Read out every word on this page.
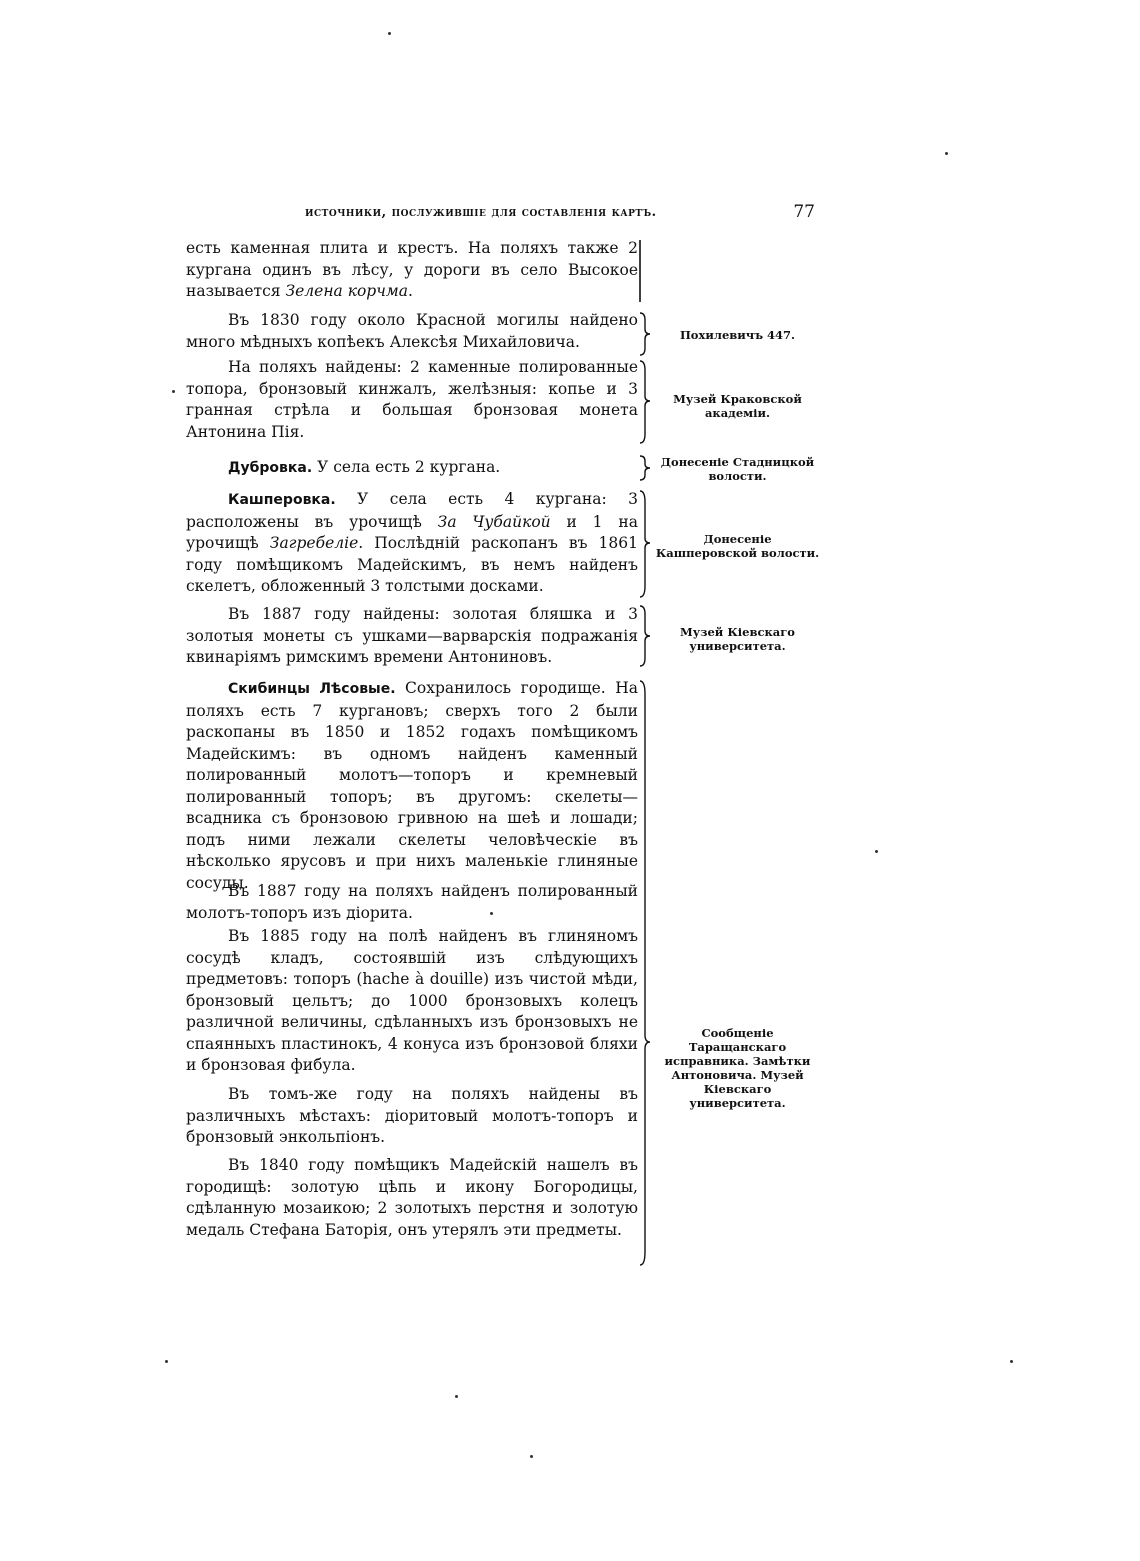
источники, послужившіе для составленія картъ.	77

есть каменная плита и крестъ. На поляхъ также 2 кургана одинъ въ лѣсу, у дороги въ село Высокое называется Зелена корчма.

Въ 1830 году около Красной могилы найдено много мѣдныхъ копѣекъ Алексѣя Михайловича.	Похилевичъ 447.

На поляхъ найдены: 2 каменные полированные топора, бронзовый кинжалъ, желѣзныя: копье и 3 гранная стрѣла и большая бронзовая монета Антонина Пія.

Музей Краковской академіи.

Дубровка. У села есть 2 кургана.	Донесеніе Стадницкой волости.

Кашперовка. У села есть 4 кургана: 3 расположены въ урочищѣ За Чубайкой и 1 на урочищѣ Загребеліе. Послѣдній раскопанъ въ 1861 году помѣщикомъ Мадейскимъ, въ немъ найденъ скелетъ, обложенный 3 толстыми досками.

Донесеніе Кашперовской волости.

Въ 1887 году найдены: золотая бляшка и 3 золотыя монеты съ ушками—варварскія подражанія квинаріямъ римскимъ времени Антониновъ.

Музей Кіевскаго университета.

Скибинцы Лѣсовые. Сохранилось городище. На поляхъ есть 7 кургановъ; сверхъ того 2 были раскопаны въ 1850 и 1852 годахъ помѣщикомъ Мадейскимъ: въ одномъ найденъ каменный полированный молотъ—топоръ и кремневый полированный топоръ; въ другомъ: скелеты—всадника съ бронзовою гривною на шеѣ и лошади; подъ ними лежали скелеты человѣческіе въ нѣсколько ярусовъ и при нихъ маленькіе глиняные сосуды.

Въ 1887 году на поляхъ найденъ полированный молотъ-топоръ изъ діорита.

Въ 1885 году на полѣ найденъ въ глиняномъ сосудѣ кладъ, состоявшій изъ слѣдующихъ предметовъ: топоръ (hache à douille) изъ чистой мѣди, бронзовый цельтъ; до 1000 бронзовыхъ колецъ различной величины, сдѣланныхъ изъ бронзовыхъ не спаянныхъ пластинокъ, 4 конуса изъ бронзовой бляхи и бронзовая фибула.

Въ томъ-же году на поляхъ найдены въ различныхъ мѣстахъ: діоритовый молотъ-топоръ и бронзовый энкольпіонъ.

Въ 1840 году помѣщикъ Мадейскій нашелъ въ городищѣ: золотую цѣпь и икону Богородицы, сдѣланную мозаикою; 2 золотыхъ перстня и золотую медаль Стефана Баторія, онъ утерялъ эти предметы.

Сообщеніе Таращанскаго исправника. Замѣтки Антоновича. Музей Кіевскаго университета.
